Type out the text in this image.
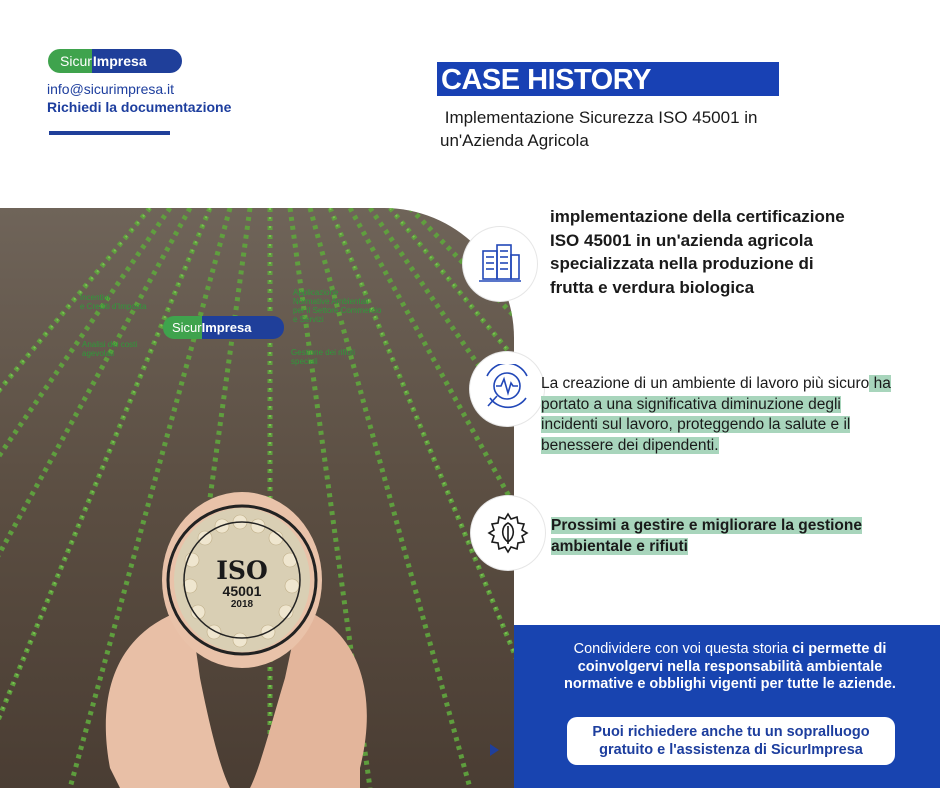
Sicur Impresa
info@sicurimpresa.it
Richiedi la documentazione
CASE HISTORY
Implementazione Sicurezza ISO 45001 in
un'Azienda Agricola
Incentivi
e Crediti d'Imposta
Analisi dei costi
agevolati
Applicazione
Normative Ambientali
per il Settore Commercio
e Servizi
Gestione dei rifiuti
speciali
Sicur Impresa
ISO
45001
2018
implementazione della certificazione ISO 45001 in un'azienda agricola specializzata nella produzione di frutta e verdura biologica
La creazione di un ambiente di lavoro più sicuro ha portato a una significativa diminuzione degli incidenti sul lavoro, proteggendo la salute e il benessere dei dipendenti.
Prossimi a gestire e migliorare la gestione ambientale e rifiuti
Condividere con voi questa storia ci permette di coinvolgervi nella responsabilità ambientale normative e obblighi vigenti per tutte le aziende.
Puoi richiedere anche tu un sopralluogo gratuito e l'assistenza di SicurImpresa
